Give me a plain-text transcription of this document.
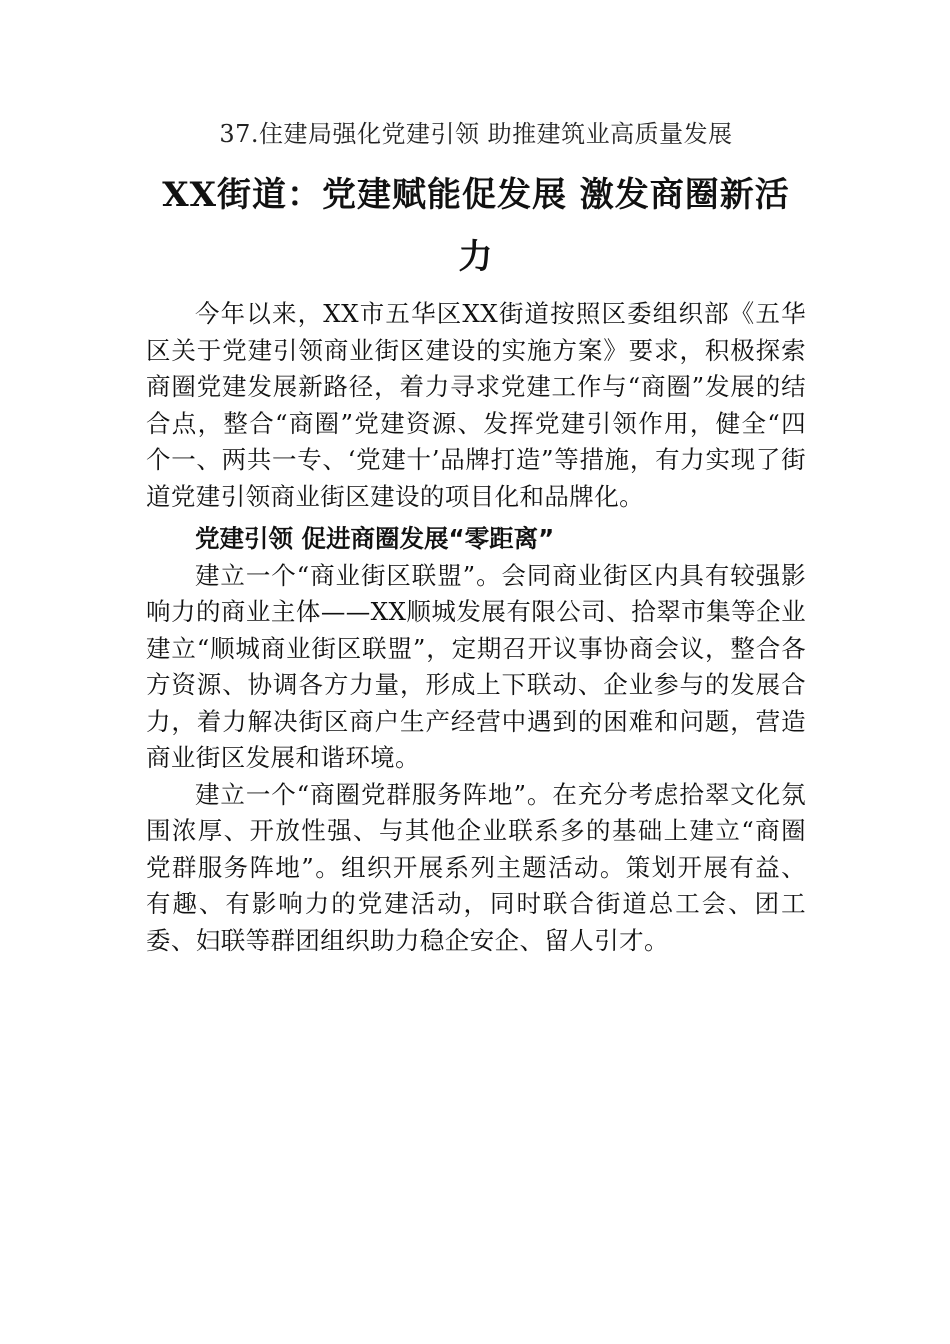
37.住建局强化党建引领 助推建筑业高质量发展

XX街道：党建赋能促发展 激发商圈新活力

今年以来，XX市五华区XX街道按照区委组织部《五华区关于党建引领商业街区建设的实施方案》要求，积极探索商圈党建发展新路径，着力寻求党建工作与“商圈”发展的结合点，整合“商圈”党建资源、发挥党建引领作用，健全“四个一、两共一专、‘党建十’品牌打造”等措施，有力实现了街道党建引领商业街区建设的项目化和品牌化。

党建引领 促进商圈发展“零距离”

建立一个“商业街区联盟”。会同商业街区内具有较强影响力的商业主体——XX顺城发展有限公司、拾翠市集等企业建立“顺城商业街区联盟”，定期召开议事协商会议，整合各方资源、协调各方力量，形成上下联动、企业参与的发展合力，着力解决街区商户生产经营中遇到的困难和问题，营造商业街区发展和谐环境。

建立一个“商圈党群服务阵地”。在充分考虑拾翠文化氛围浓厚、开放性强、与其他企业联系多的基础上建立“商圈党群服务阵地”。组织开展系列主题活动。策划开展有益、有趣、有影响力的党建活动，同时联合街道总工会、团工委、妇联等群团组织助力稳企安企、留人引才。
